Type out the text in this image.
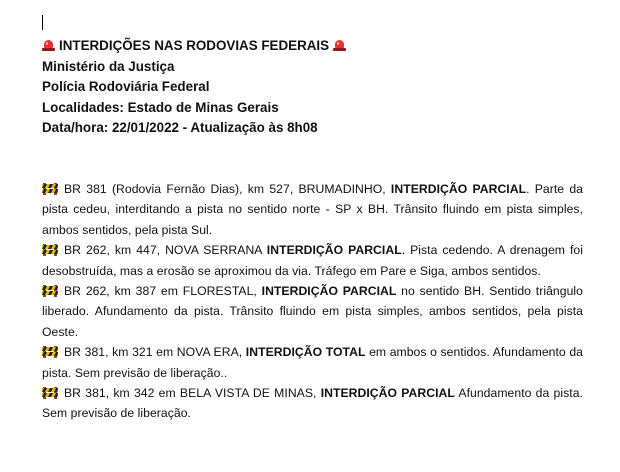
INTERDIÇÕES NAS RODOVIAS FEDERAIS
Ministério da Justiça
Polícia Rodoviária Federal
Localidades: Estado de Minas Gerais
Data/hora: 22/01/2022 - Atualização às 8h08
BR 381 (Rodovia Fernão Dias), km 527, BRUMADINHO, INTERDIÇÃO PARCIAL. Parte da pista cedeu, interditando a pista no sentido norte - SP x BH. Trânsito fluindo em pista simples, ambos sentidos, pela pista Sul.
BR 262, km 447, NOVA SERRANA INTERDIÇÃO PARCIAL. Pista cedendo. A drenagem foi desobstruída, mas a erosão se aproximou da via. Tráfego em Pare e Siga, ambos sentidos.
BR 262, km 387 em FLORESTAL, INTERDIÇÃO PARCIAL no sentido BH. Sentido triângulo liberado. Afundamento da pista. Trânsito fluindo em pista simples, ambos sentidos, pela pista Oeste.
BR 381, km 321 em NOVA ERA, INTERDIÇÃO TOTAL em ambos o sentidos. Afundamento da pista. Sem previsão de liberação..
BR 381, km 342 em BELA VISTA DE MINAS, INTERDIÇÃO PARCIAL Afundamento da pista. Sem previsão de liberação.
